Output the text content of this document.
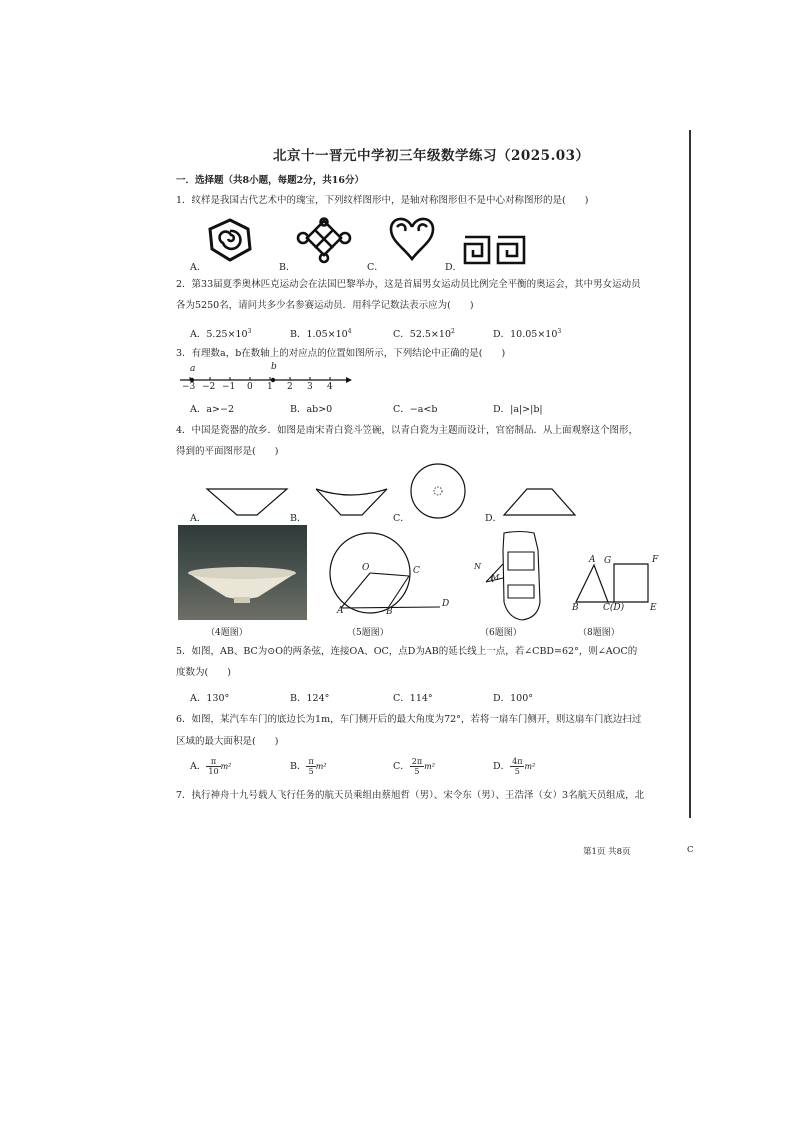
北京十一晋元中学初三年级数学练习（2025.03）
一．选择题（共8小题，每题2分，共16分）
1．纹样是我国古代艺术中的瑰宝，下列纹样图形中，是轴对称图形但不是中心对称图形的是(　　)
A．	B．	C．	D．
2．第33届夏季奥林匹克运动会在法国巴黎举办，这是首届男女运动员比例完全平衡的奥运会，其中男女运动员
各为5250名，请问共多少名参赛运动员．用科学记数法表示应为(　　)
A．$5.25\times 10^3$	B．$1.05\times 10^4$	C．$52.5\times 10^2$	D．$10.05\times 10^3$
3．有理数a，b在数轴上的对应点的位置如图所示，下列结论中正确的是(　　)
a	b
−3 −2 −1 0 1 2 3 4
A．a>−2	B．ab>0	C．−a<b	D．|a|>|b|
4．中国是瓷器的故乡．如图是南宋青白瓷斗笠碗，以青白瓷为主题而设计，官窑制品．从上面观察这个图形，
得到的平面图形是(　　)
A．	B．	C．	D．
O	C
A	B
D
N
M
A G	F
B	C(D)	E
（4题图）	（5题图）	（6题图）	（8题图）
5．如图，AB、BC为⊙O的两条弦，连接OA、OC，点D为AB的延长线上一点，若∠CBD=62°，则∠AOC的
度数为(　　)
A．130°	B．124°	C．114°	D．100°
6．如图，某汽车车门的底边长为1m，车门侧开后的最大角度为72°，若将一扇车门侧开，则这扇车门底边扫过
区域的最大面积是(　　)
A． $\frac{\pi}{10} m^2$	B． $\frac{\pi}{5} m^2$	C． $\frac{2\pi}{5} m^2$	D． $\frac{4\pi}{5} m^2$
7．执行神舟十九号载人飞行任务的航天员乘组由蔡旭哲（男）、宋令东（男）、王浩泽（女）3名航天员组成，北
第1页 共8页	C
